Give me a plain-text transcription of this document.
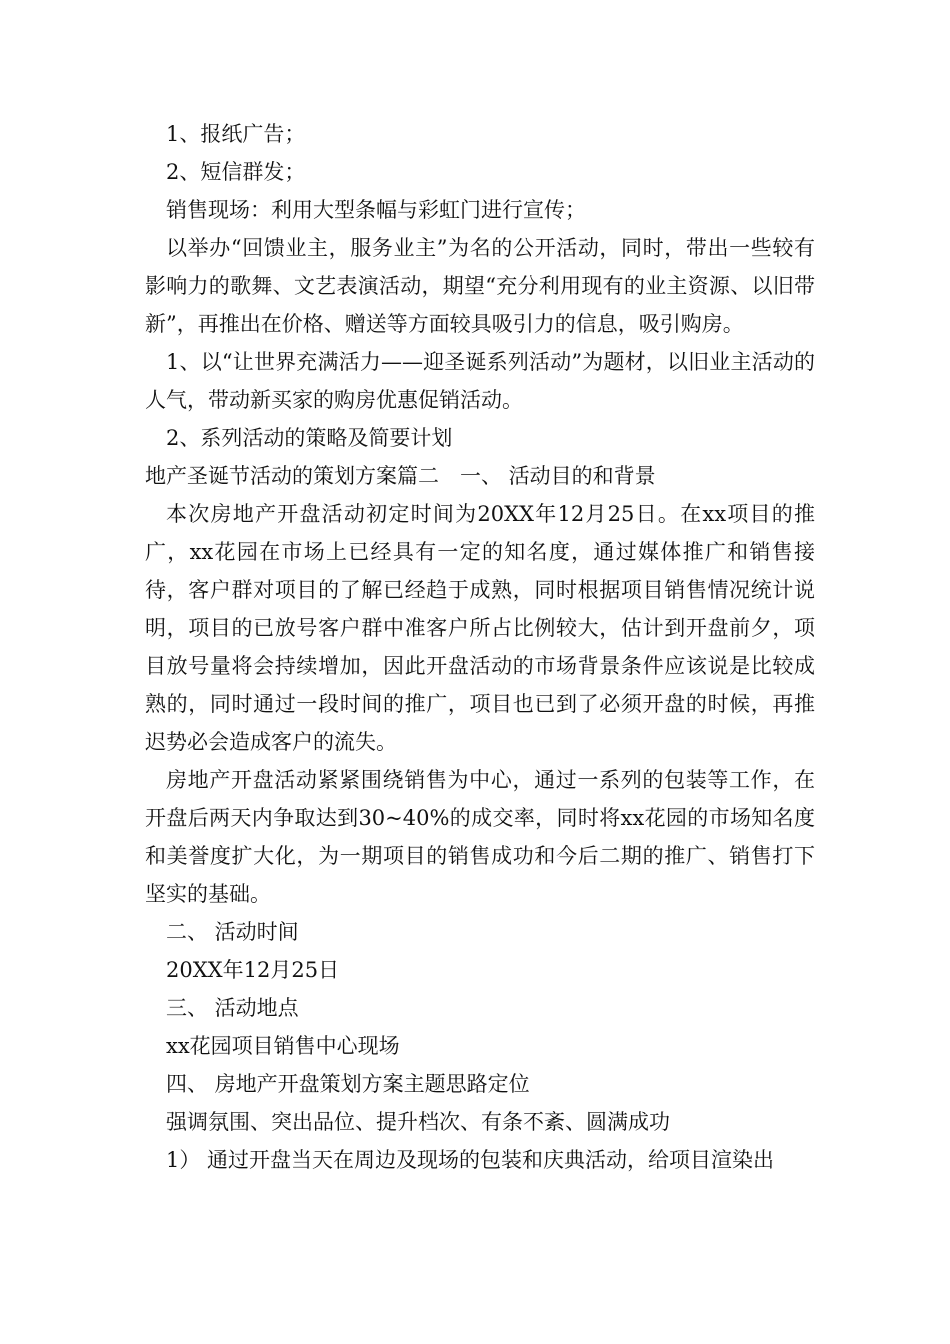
1、报纸广告；

2、短信群发；

销售现场：利用大型条幅与彩虹门进行宣传；

以举办“回馈业主，服务业主”为名的公开活动，同时，带出一些较有影响力的歌舞、文艺表演活动，期望“充分利用现有的业主资源、以旧带新”，再推出在价格、赠送等方面较具吸引力的信息，吸引购房。

1、以“让世界充满活力——迎圣诞系列活动”为题材，以旧业主活动的人气，带动新买家的购房优惠促销活动。

2、系列活动的策略及简要计划

地产圣诞节活动的策划方案篇二　一、 活动目的和背景

本次房地产开盘活动初定时间为20XX年12月25日。在xx项目的推广，xx花园在市场上已经具有一定的知名度，通过媒体推广和销售接待，客户群对项目的了解已经趋于成熟，同时根据项目销售情况统计说明，项目的已放号客户群中准客户所占比例较大，估计到开盘前夕，项目放号量将会持续增加，因此开盘活动的市场背景条件应该说是比较成熟的，同时通过一段时间的推广，项目也已到了必须开盘的时候，再推迟势必会造成客户的流失。

房地产开盘活动紧紧围绕销售为中心，通过一系列的包装等工作，在开盘后两天内争取达到30~40%的成交率，同时将xx花园的市场知名度和美誉度扩大化，为一期项目的销售成功和今后二期的推广、销售打下坚实的基础。

二、 活动时间

20XX年12月25日

三、 活动地点

xx花园项目销售中心现场

四、 房地产开盘策划方案主题思路定位

强调氛围、突出品位、提升档次、有条不紊、圆满成功

1） 通过开盘当天在周边及现场的包装和庆典活动，给项目渲染出
